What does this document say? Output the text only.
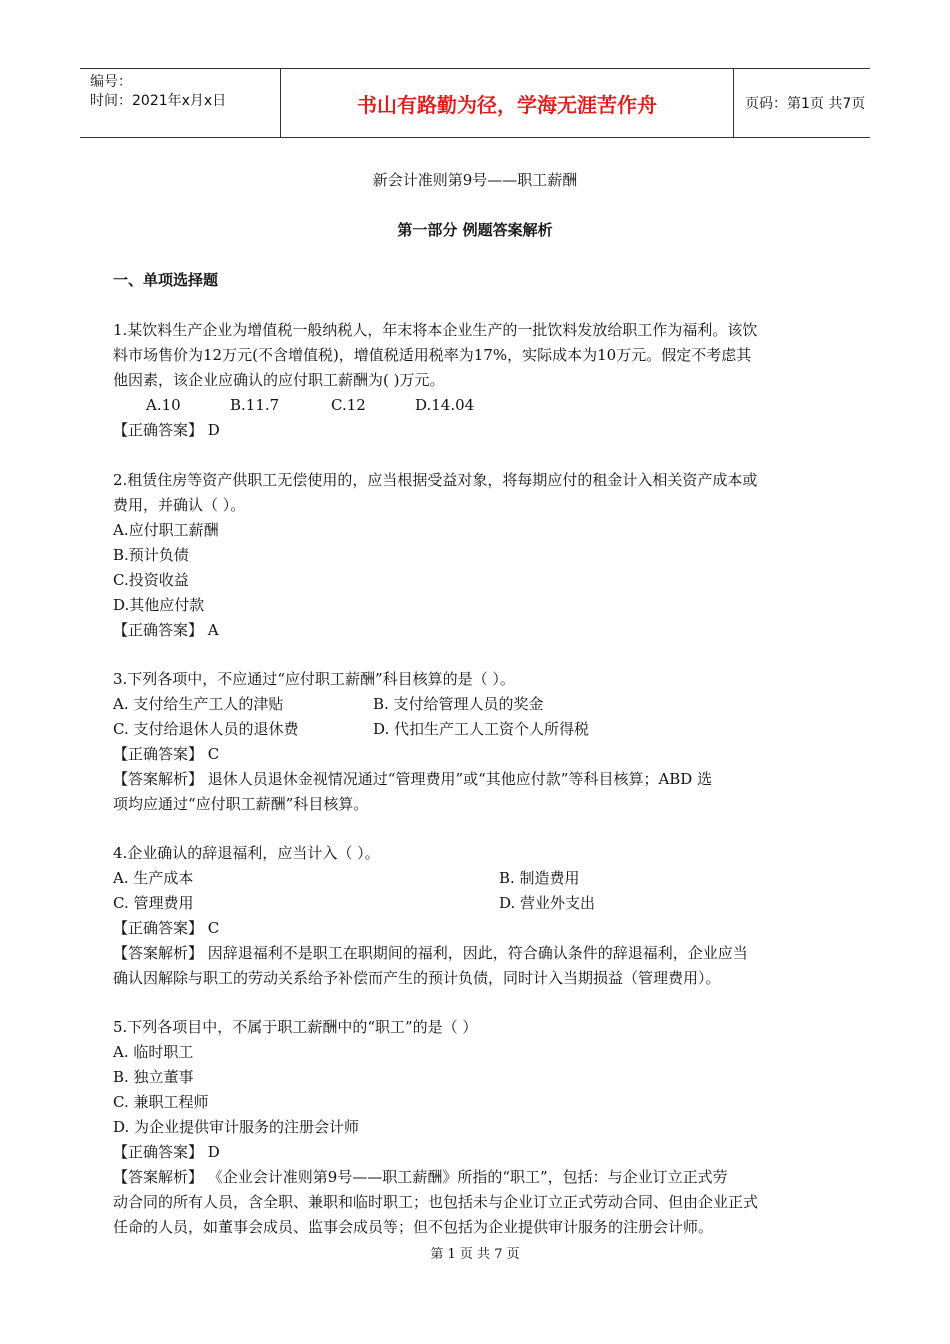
编号：
时间：2021年x月x日	书山有路勤为径，学海无涯苦作舟	页码：第1页 共7页
新会计准则第9号——职工薪酬
第一部分 例题答案解析
一、单项选择题
1.某饮料生产企业为增值税一般纳税人，年末将本企业生产的一批饮料发放给职工作为福利。该饮
料市场售价为12万元(不含增值税)，增值税适用税率为17%，实际成本为10万元。假定不考虑其
他因素，该企业应确认的应付职工薪酬为( )万元。
A.10	B.11.7	C.12	D.14.04
【正确答案】 D
2.租赁住房等资产供职工无偿使用的，应当根据受益对象，将每期应付的租金计入相关资产成本或
费用，并确认（ ）。
A.应付职工薪酬
B.预计负债
C.投资收益
D.其他应付款
【正确答案】 A
3.下列各项中，不应通过“应付职工薪酬”科目核算的是（ ）。
A. 支付给生产工人的津贴	B. 支付给管理人员的奖金
C. 支付给退休人员的退休费	D. 代扣生产工人工资个人所得税
【正确答案】 C
【答案解析】 退休人员退休金视情况通过“管理费用”或“其他应付款”等科目核算；ABD 选
项均应通过“应付职工薪酬”科目核算。
4.企业确认的辞退福利，应当计入（ ）。
A. 生产成本	B. 制造费用
C. 管理费用	D. 营业外支出
【正确答案】 C
【答案解析】 因辞退福利不是职工在职期间的福利，因此，符合确认条件的辞退福利，企业应当
确认因解除与职工的劳动关系给予补偿而产生的预计负债，同时计入当期损益（管理费用）。
5.下列各项目中，不属于职工薪酬中的“职工”的是（ ）
A. 临时职工
B. 独立董事
C. 兼职工程师
D. 为企业提供审计服务的注册会计师
【正确答案】 D
【答案解析】 《企业会计准则第9号——职工薪酬》所指的“职工”，包括：与企业订立正式劳
动合同的所有人员，含全职、兼职和临时职工；也包括未与企业订立正式劳动合同、但由企业正式
任命的人员，如董事会成员、监事会成员等；但不包括为企业提供审计服务的注册会计师。
第 1 页 共 7 页
